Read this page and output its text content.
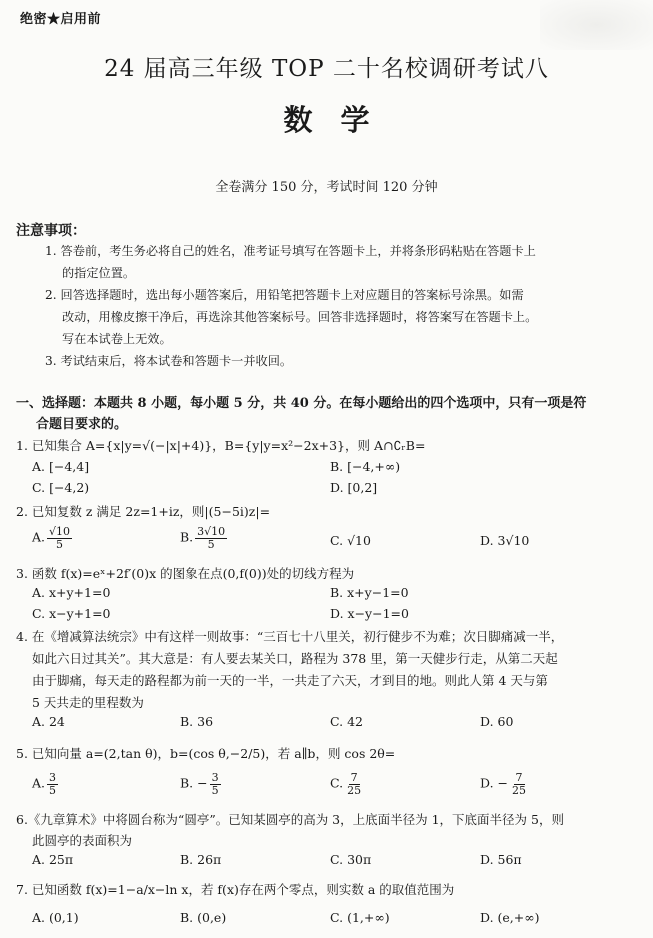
绝密★启用前
24 届高三年级 TOP 二十名校调研考试八
数学
全卷满分 150 分，考试时间 120 分钟
注意事项：
1. 答卷前，考生务必将自己的姓名，准考证号填写在答题卡上，并将条形码粘贴在答题卡上
的指定位置。
2. 回答选择题时，选出每小题答案后，用铅笔把答题卡上对应题目的答案标号涂黑。如需
改动，用橡皮擦干净后，再选涂其他答案标号。回答非选择题时，将答案写在答题卡上。
写在本试卷上无效。
3. 考试结束后，将本试卷和答题卡一并收回。
一、选择题：本题共 8 小题，每小题 5 分，共 40 分。在每小题给出的四个选项中，只有一项是符
合题目要求的。
1. 已知集合 A={x|y=√(−|x|+4)}，B={y|y=x²−2x+3}，则 A∩∁ᵣB=
A. [−4,4]	B. [−4,+∞)
C. [−4,2)	D. [0,2]
2. 已知复数 z 满足 2z=1+iz，则|(5−5i)z|=
A. $\frac{√10}{5}$	B. $\frac{3√10}{5}$	C. √10	D. 3√10
3. 函数 f(x)=eˣ+2f′(0)x 的图象在点(0,f(0))处的切线方程为
A. x+y+1=0	B. x+y−1=0
C. x−y+1=0	D. x−y−1=0
4. 在《增减算法统宗》中有这样一则故事：“三百七十八里关，初行健步不为难；次日脚痛减一半，
如此六日过其关”。其大意是：有人要去某关口，路程为 378 里，第一天健步行走，从第二天起
由于脚痛，每天走的路程都为前一天的一半，一共走了六天，才到目的地。则此人第 4 天与第
5 天共走的里程数为
A. 24	B. 36	C. 42	D. 60
5. 已知向量 a=(2,tan θ)，b=(cos θ,−2/5)，若 a∥b，则 cos 2θ=
A. $\frac{3}{5}$	B. − $\frac{3}{5}$	C. $\frac{7}{25}$	D. − $\frac{7}{25}$
6.《九章算术》中将圆台称为“圆亭”。已知某圆亭的高为 3，上底面半径为 1，下底面半径为 5，则
此圆亭的表面积为
A. 25π	B. 26π	C. 30π	D. 56π
7. 已知函数 f(x)=1−a/x−ln x，若 f(x)存在两个零点，则实数 a 的取值范围为
A. (0,1)	B. (0,e)	C. (1,+∞)	D. (e,+∞)
